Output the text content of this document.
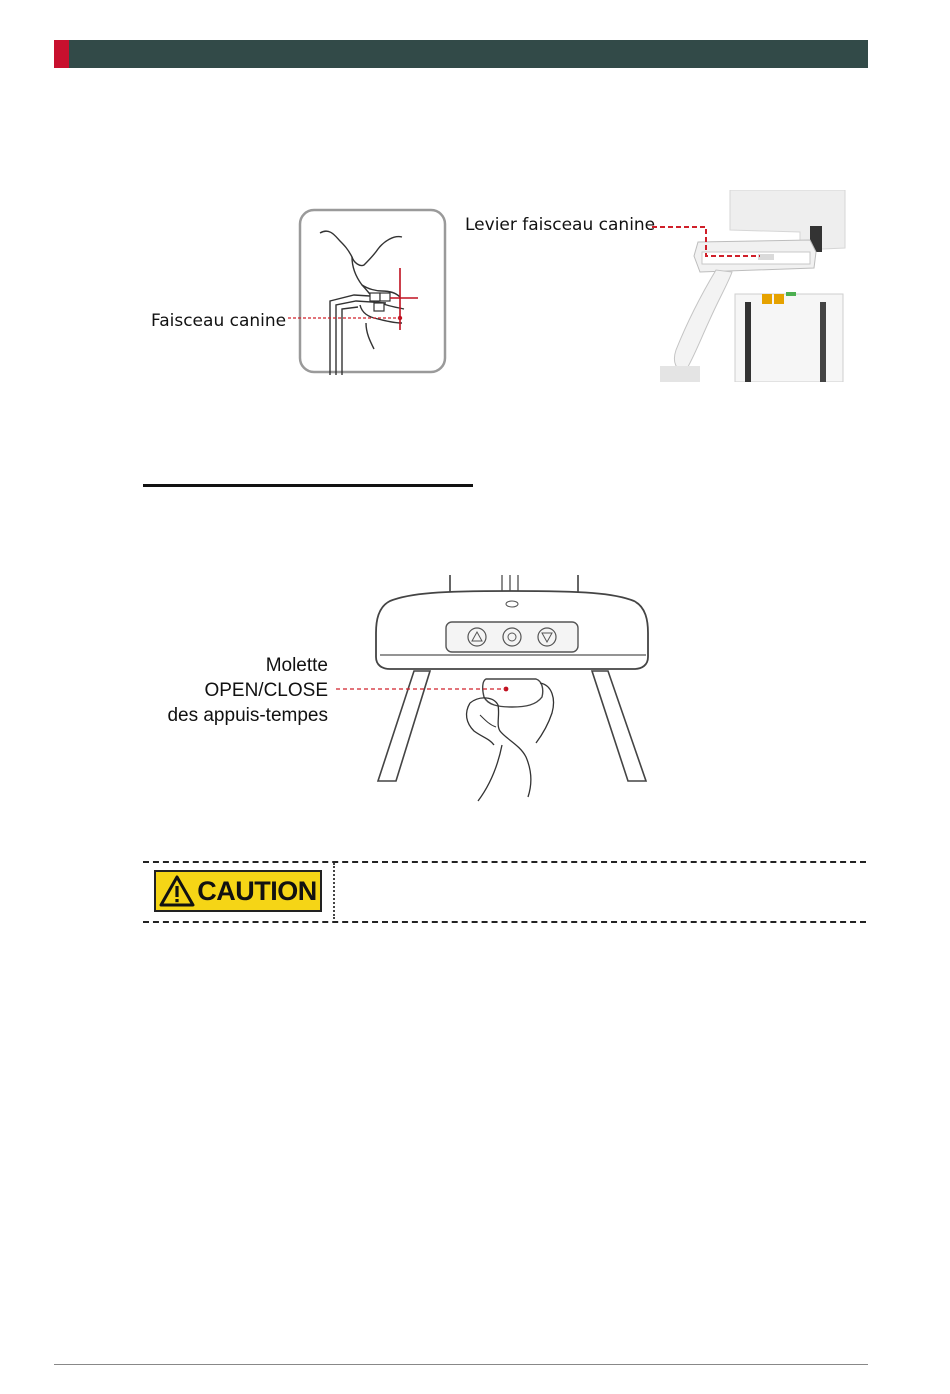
Faisceau canine
Levier faisceau canine
Molette
OPEN/CLOSE
des appuis-tempes
CAUTION
